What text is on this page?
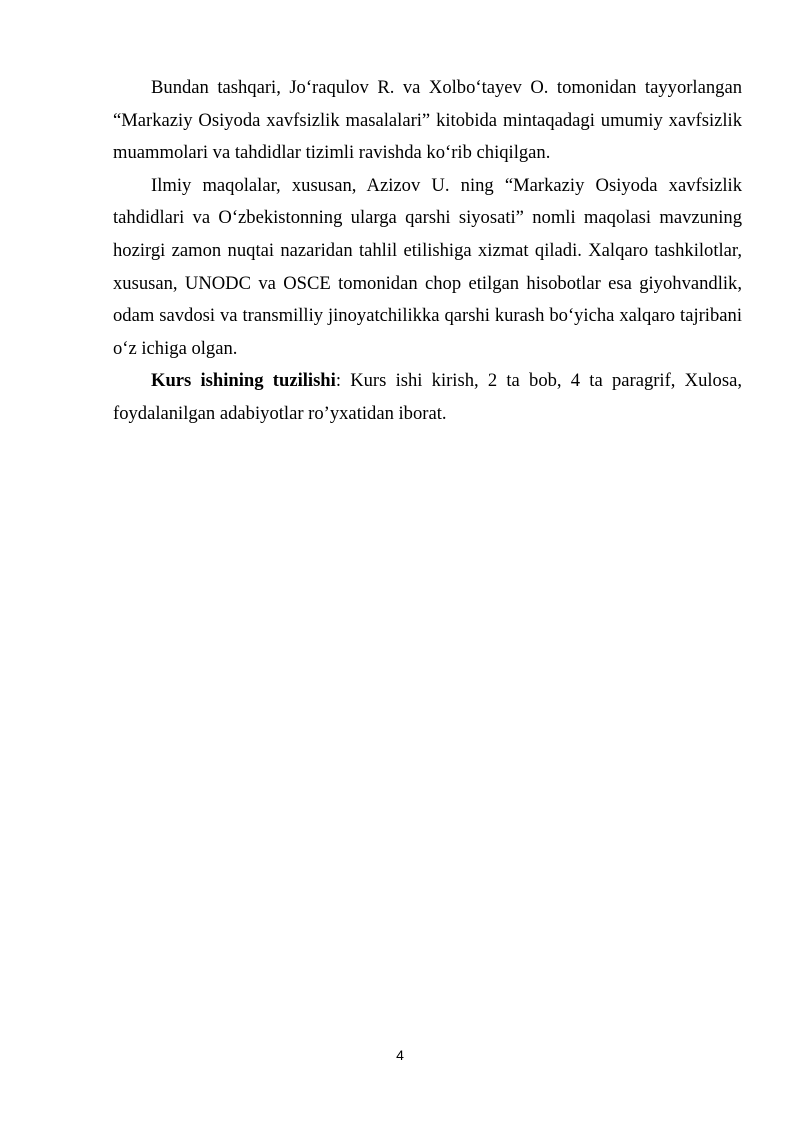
Bundan tashqari, Jo‘raqulov R. va Xolbo‘tayev O. tomonidan tayyorlangan “Markaziy Osiyoda xavfsizlik masalalari” kitobida mintaqadagi umumiy xavfsizlik muammolari va tahdidlar tizimli ravishda ko‘rib chiqilgan.

Ilmiy maqolalar, xususan, Azizov U. ning “Markaziy Osiyoda xavfsizlik tahdidlari va O‘zbekistonning ularga qarshi siyosati” nomli maqolasi mavzuning hozirgi zamon nuqtai nazaridan tahlil etilishiga xizmat qiladi. Xalqaro tashkilotlar, xususan, UNODC va OSCE tomonidan chop etilgan hisobotlar esa giyohvandlik, odam savdosi va transmilliy jinoyatchilikka qarshi kurash bo‘yicha xalqaro tajribani o‘z ichiga olgan.

Kurs ishining tuzilishi: Kurs ishi kirish, 2 ta bob, 4 ta paragrif, Xulosa, foydalanilgan adabiyotlar ro’yxatidan iborat.

4
